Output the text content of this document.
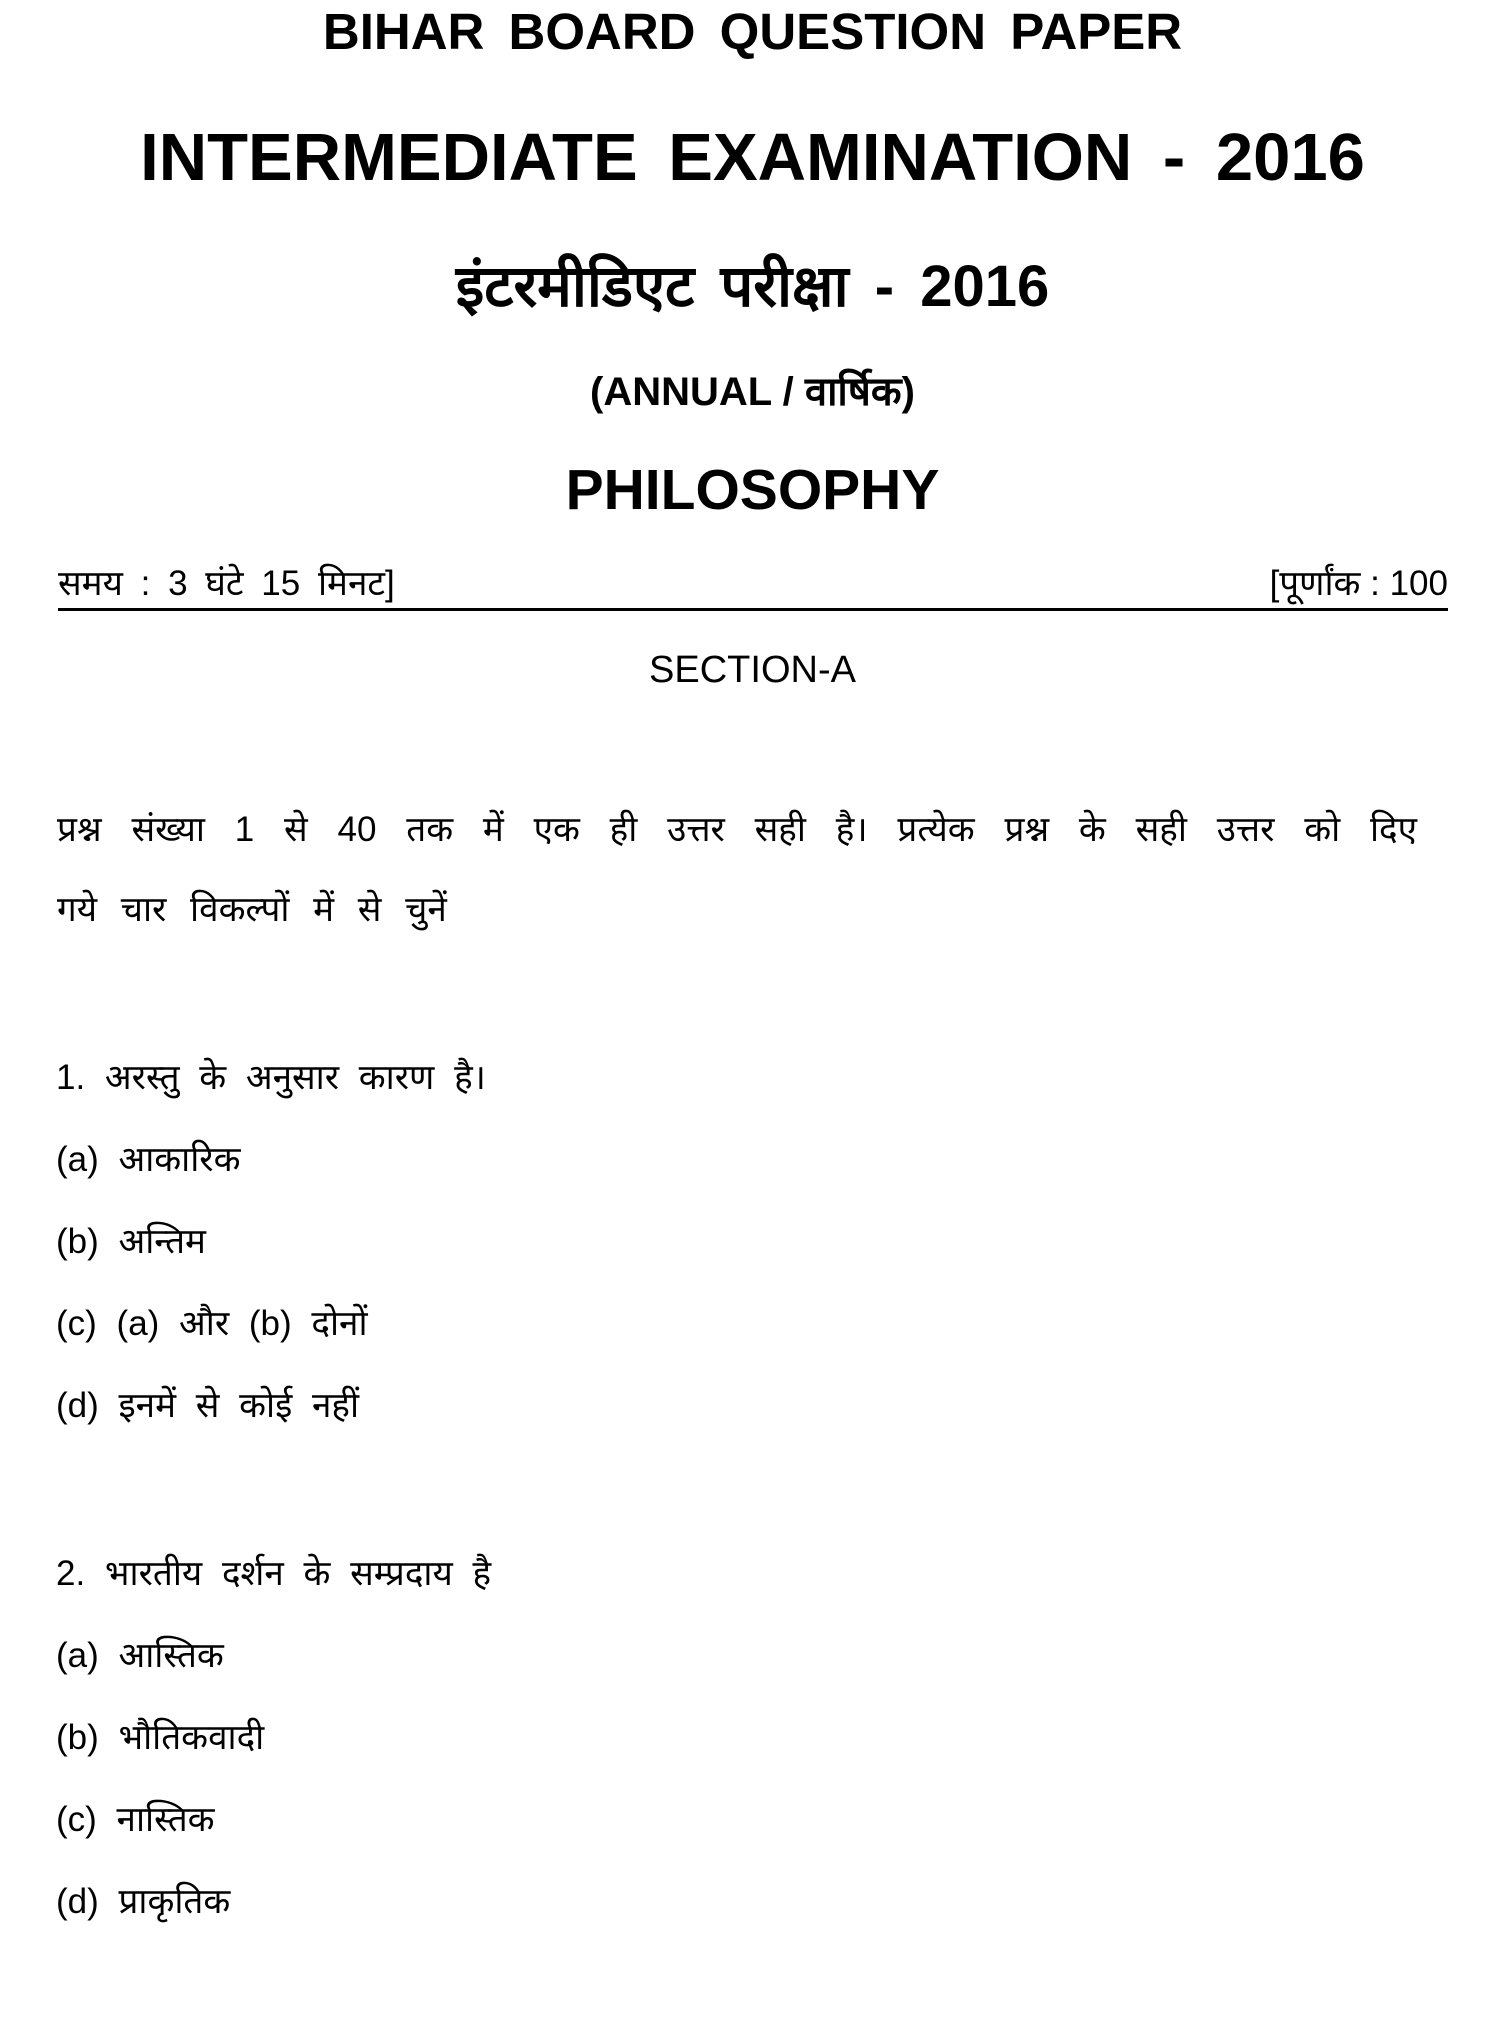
BIHAR BOARD QUESTION PAPER
INTERMEDIATE EXAMINATION - 2016
इंटरमीडिएट परीक्षा - 2016
(ANNUAL / वार्षिक)
PHILOSOPHY
समय : 3 घंटे 15 मिनट]	[पूर्णांक : 100
SECTION-A
प्रश्न संख्या 1 से 40 तक में एक ही उत्तर सही है। प्रत्येक प्रश्न के सही उत्तर को दिए
गये चार विकल्पों में से चुनें
1. अरस्तु के अनुसार कारण है।
(a) आकारिक
(b) अन्तिम
(c) (a) और (b) दोनों
(d) इनमें से कोई नहीं
2. भारतीय दर्शन के सम्प्रदाय है
(a) आस्तिक
(b) भौतिकवादी
(c) नास्तिक
(d) प्राकृतिक
